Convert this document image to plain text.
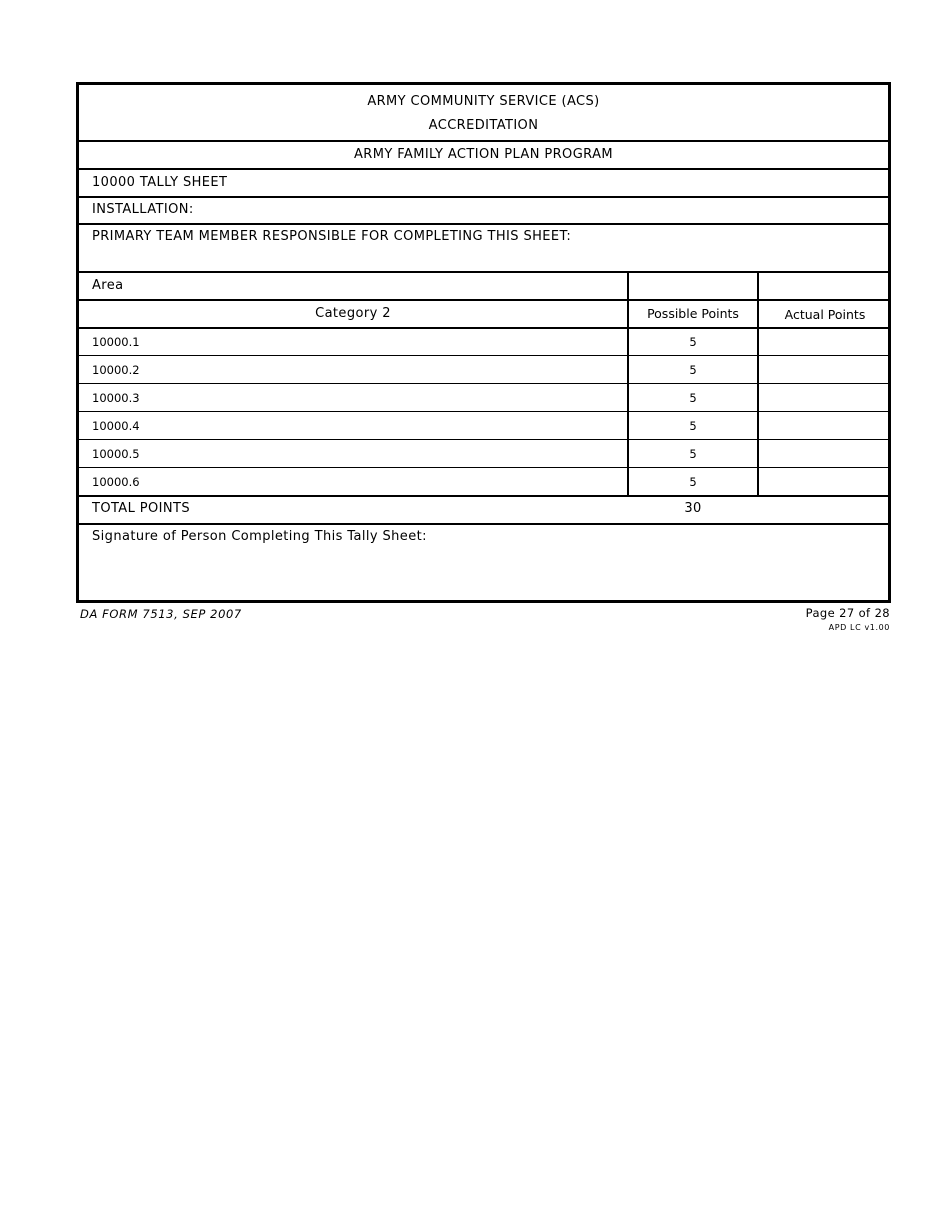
ARMY COMMUNITY SERVICE (ACS)
ACCREDITATION
ARMY FAMILY ACTION PLAN PROGRAM
10000 TALLY SHEET
INSTALLATION:
PRIMARY TEAM MEMBER RESPONSIBLE FOR COMPLETING THIS SHEET:
Area
Category 2	Possible Points	Actual Points
10000.1	5
10000.2	5
10000.3	5
10000.4	5
10000.5	5
10000.6	5
TOTAL POINTS	30
Signature of Person Completing This Tally Sheet:
DA FORM 7513, SEP 2007	Page 27 of 28
APD LC v1.00
